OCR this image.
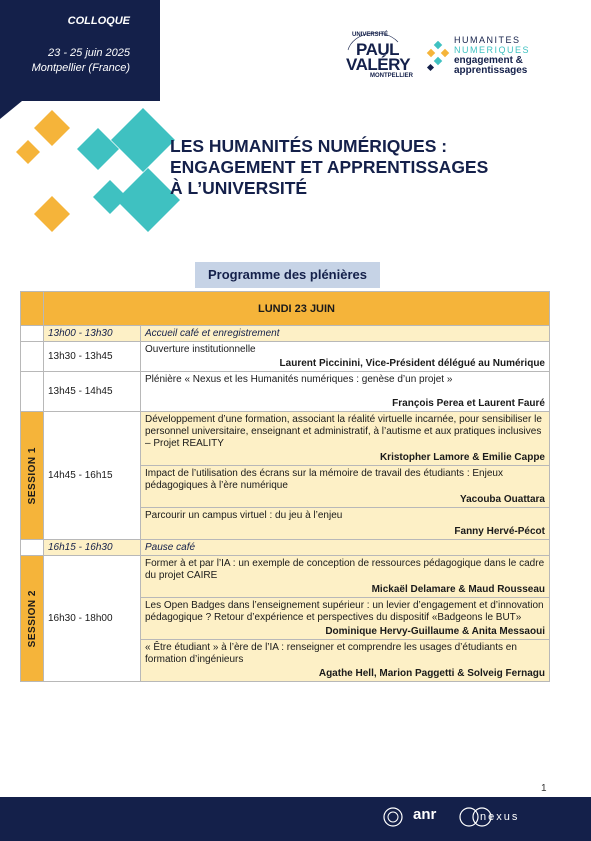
COLLOQUE
23 - 25 juin 2025
Montpellier (France)
UNIVERSITÉ
PAUL
VALÉRY
MONTPELLIER
HUMANITES
NUMERIQUES
engagement &
apprentissages
LES HUMANITÉS NUMÉRIQUES :
ENGAGEMENT ET APPRENTISSAGES
À L’UNIVERSITÉ
Programme des plénières
	LUNDI 23 JUIN	
	13h00 - 13h30	Accueil café et enregistrement
	13h30 - 13h45	Ouverture institutionnelle
Laurent Piccinini, Vice-Président délégué au Numérique

	13h45 - 14h45	Plénière « Nexus et les Humanités numériques : genèse d’un projet »
François Perea et Laurent Fauré

SESSION 1	14h45 - 16h15	Développement d’une formation, associant la réalité virtuelle incarnée, pour sensibiliser le personnel universitaire, enseignant et administratif, à l’autisme et aux pratiques inclusives – Projet REALITY
Kristopher Lamore & Emilie Cappe

		Impact de l’utilisation des écrans sur la mémoire de travail des étudiants : Enjeux pédagogiques à l’ère numérique
Yacouba Ouattara

		Parcourir un campus virtuel : du jeu à l’enjeu
Fanny Hervé-Pécot

	16h15 - 16h30	Pause café

SESSION 2	16h30 - 18h00	Former à et par l’IA : un exemple de conception de ressources pédagogique dans le cadre du projet CAIRE
Mickaël Delamare & Maud Rousseau

		Les Open Badges dans l’enseignement supérieur : un levier d’engagement et d’innovation pédagogique ? Retour d’expérience et perspectives du dispositif «Badgeons le BUT»
Dominique Hervy-Guillaume & Anita Messaoui

		« Être étudiant » à l’ère de l’IA : renseigner et comprendre les usages d’étudiants en formation d’ingénieurs
Agathe Hell, Marion Paggetti & Solveig Fernagu
1
anr	nexus
